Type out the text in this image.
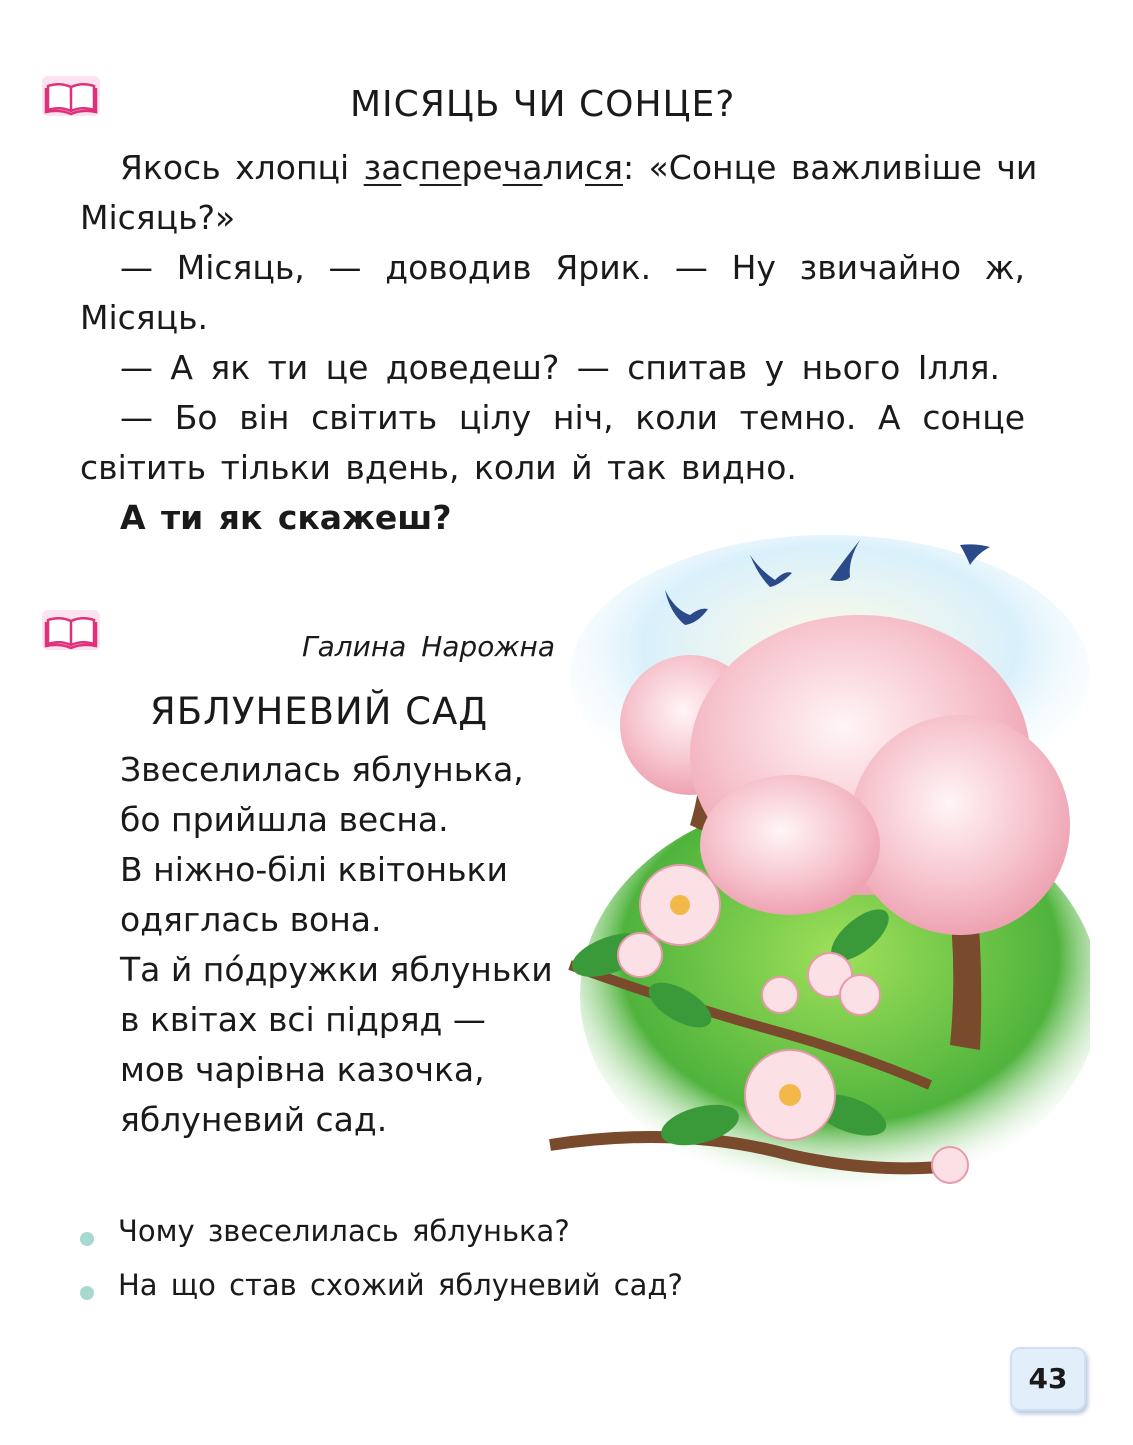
МІСЯЦЬ ЧИ СОНЦЕ?
Якось хлопці засперечалися: «Сонце важливіше чи
Місяць?»
— Місяць, — доводив Ярик. — Ну звичайно ж,
Місяць.
— А як ти це доведеш? — спитав у нього Ілля.
— Бо він світить цілу ніч, коли темно. А сонце
світить тільки вдень, коли й так видно.
А ти як скажеш?
Галина Нарожна
ЯБЛУНЕВИЙ САД
Звеселилась яблунька,
бо прийшла весна.
В ніжно-білі квітоньки
одяглась вона.
Та й по́дружки яблуньки
в квітах всі підряд —
мов чарівна казочка,
яблуневий сад.
Чому звеселилась яблунька?
На що став схожий яблуневий сад?
43
